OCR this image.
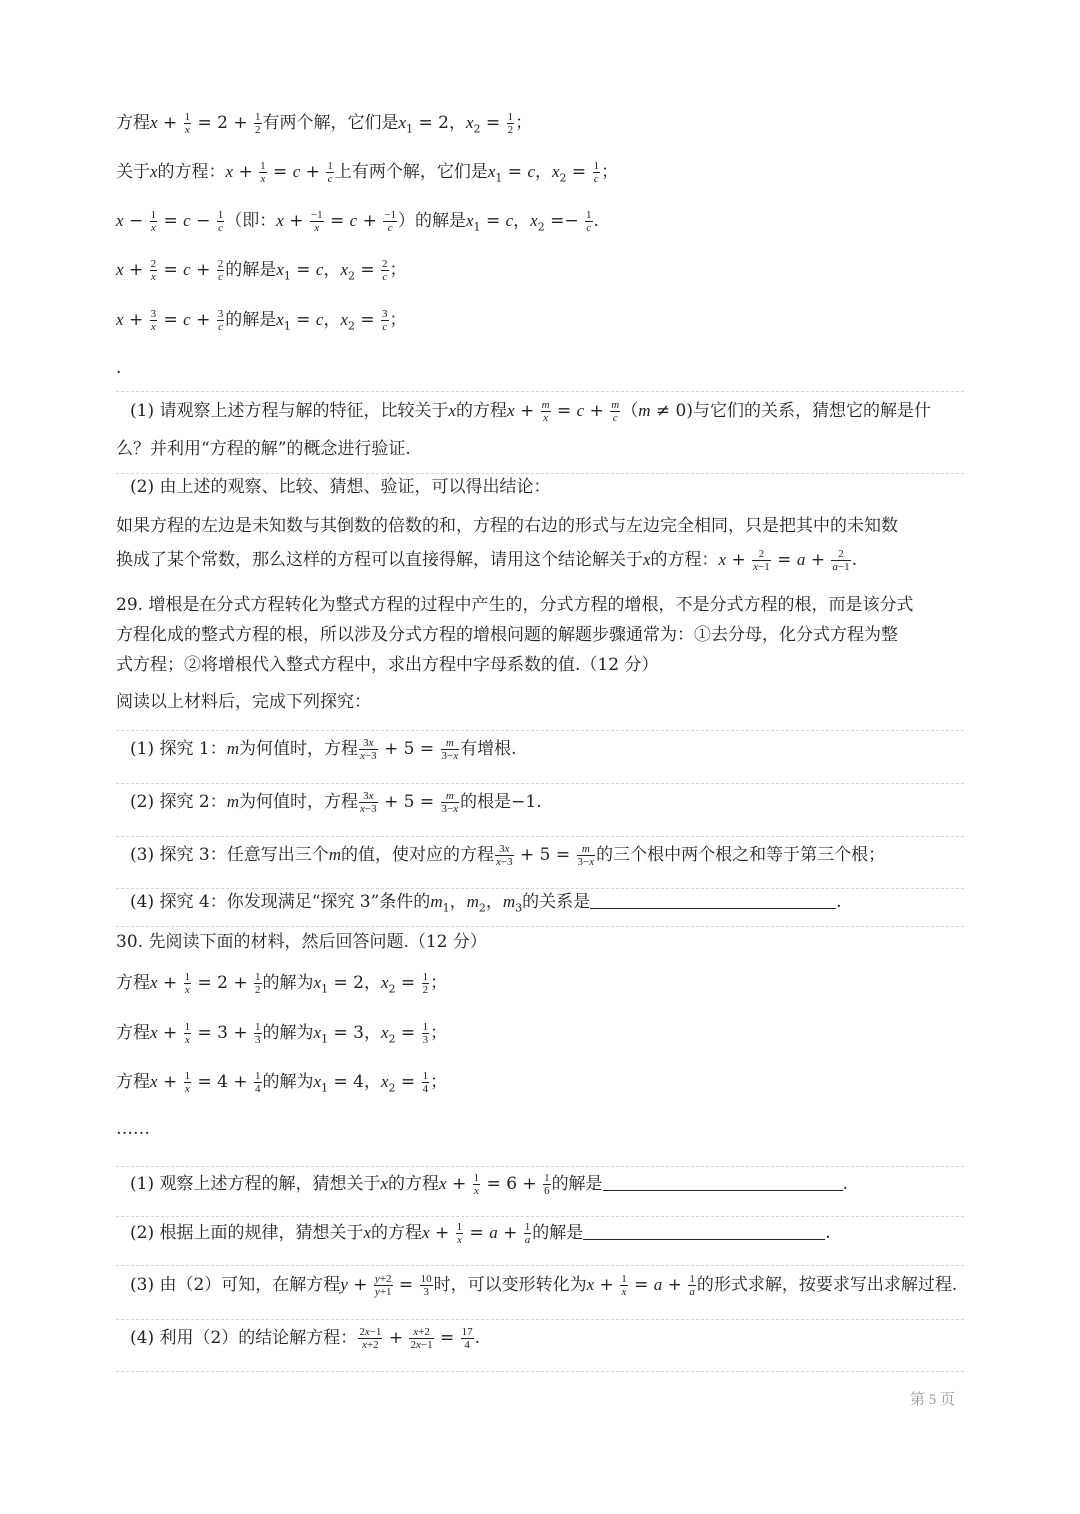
方程$x + \frac{1}{x} = 2 + \frac{1}{2}$ 有两个解，它们是$x_1 = 2$，$x_2 = \frac{1}{2}$ ；
关于x的方程：$x + \frac{1}{x} = c + \frac{1}{c}$ 上有两个解，它们是$x_1 = c$，$x_2 = \frac{1}{c}$ ；
$x - \frac{1}{x} = c - \frac{1}{c}$ （即：$x + \frac{-1}{x} = c + \frac{-1}{c}$ ）的解是$x_1 = c$，$x_2 =- \frac{1}{c}$ .
$x + \frac{2}{x} = c + \frac{2}{c}$ 的解是$x_1 = c$，$x_2 = \frac{2}{c}$ ；
$x + \frac{3}{x} = c + \frac{3}{c}$ 的解是$x_1 = c$，$x_2 = \frac{3}{c}$ ；
.
(1) 请观察上述方程与解的特征，比较关于x的方程$x + \frac{m}{x} = c + \frac{m}{c} (m \ne 0)$与它们的关系，猜想它的解是什
么？并利用“方程的解”的概念进行验证.
(2) 由上述的观察、比较、猜想、验证，可以得出结论：
如果方程的左边是未知数与其倒数的倍数的和，方程的右边的形式与左边完全相同，只是把其中的未知数
换成了某个常数，那么这样的方程可以直接得解，请用这个结论解关于x的方程：$x + \frac{2}{x-1} = a + \frac{2}{a-1}$ .
29. 增根是在分式方程转化为整式方程的过程中产生的，分式方程的增根，不是分式方程的根，而是该分式
方程化成的整式方程的根，所以涉及分式方程的增根问题的解题步骤通常为：①去分母，化分式方程为整
式方程；②将增根代入整式方程中，求出方程中字母系数的值.（12 分）
阅读以上材料后，完成下列探究：
(1) 探究 1：m为何值时，方程 $\frac{3x}{x-3} + 5 = \frac{m}{3-x}$ 有增根.
(2) 探究 2：m为何值时，方程 $\frac{3x}{x-3} + 5 = \frac{m}{3-x}$ 的根是−1.
(3) 探究 3：任意写出三个m的值，使对应的方程 $\frac{3x}{x-3} + 5 = \frac{m}{3-x}$ 的三个根中两个根之和等于第三个根；
(4) 探究 4：你发现满足“探究 3”条件的$m_1$，$m_2$，$m_3$的关系是	.
30. 先阅读下面的材料，然后回答问题.（12 分）
方程$x + \frac{1}{x} = 2 + \frac{1}{2}$ 的解为$x_1 = 2$，$x_2 = \frac{1}{2}$ ；
方程$x + \frac{1}{x} = 3 + \frac{1}{3}$ 的解为$x_1 = 3$，$x_2 = \frac{1}{3}$ ；
方程$x + \frac{1}{x} = 4 + \frac{1}{4}$ 的解为$x_1 = 4$，$x_2 = \frac{1}{4}$ ；
……
(1) 观察上述方程的解，猜想关于x的方程$x + \frac{1}{x} = 6 + \frac{1}{6}$ 的解是	.
(2) 根据上面的规律，猜想关于x的方程$x + \frac{1}{x} = a + \frac{1}{a}$ 的解是	.
(3) 由（2）可知，在解方程$y + \frac{y+2}{y+1} = \frac{10}{3}$ 时，可以变形转化为$x + \frac{1}{x} = a + \frac{1}{a}$ 的形式求解，按要求写出求解过程.
(4) 利用（2）的结论解方程： $\frac{2x-1}{x+2} + \frac{x+2}{2x-1} = \frac{17}{4}$ .
第 5 页
